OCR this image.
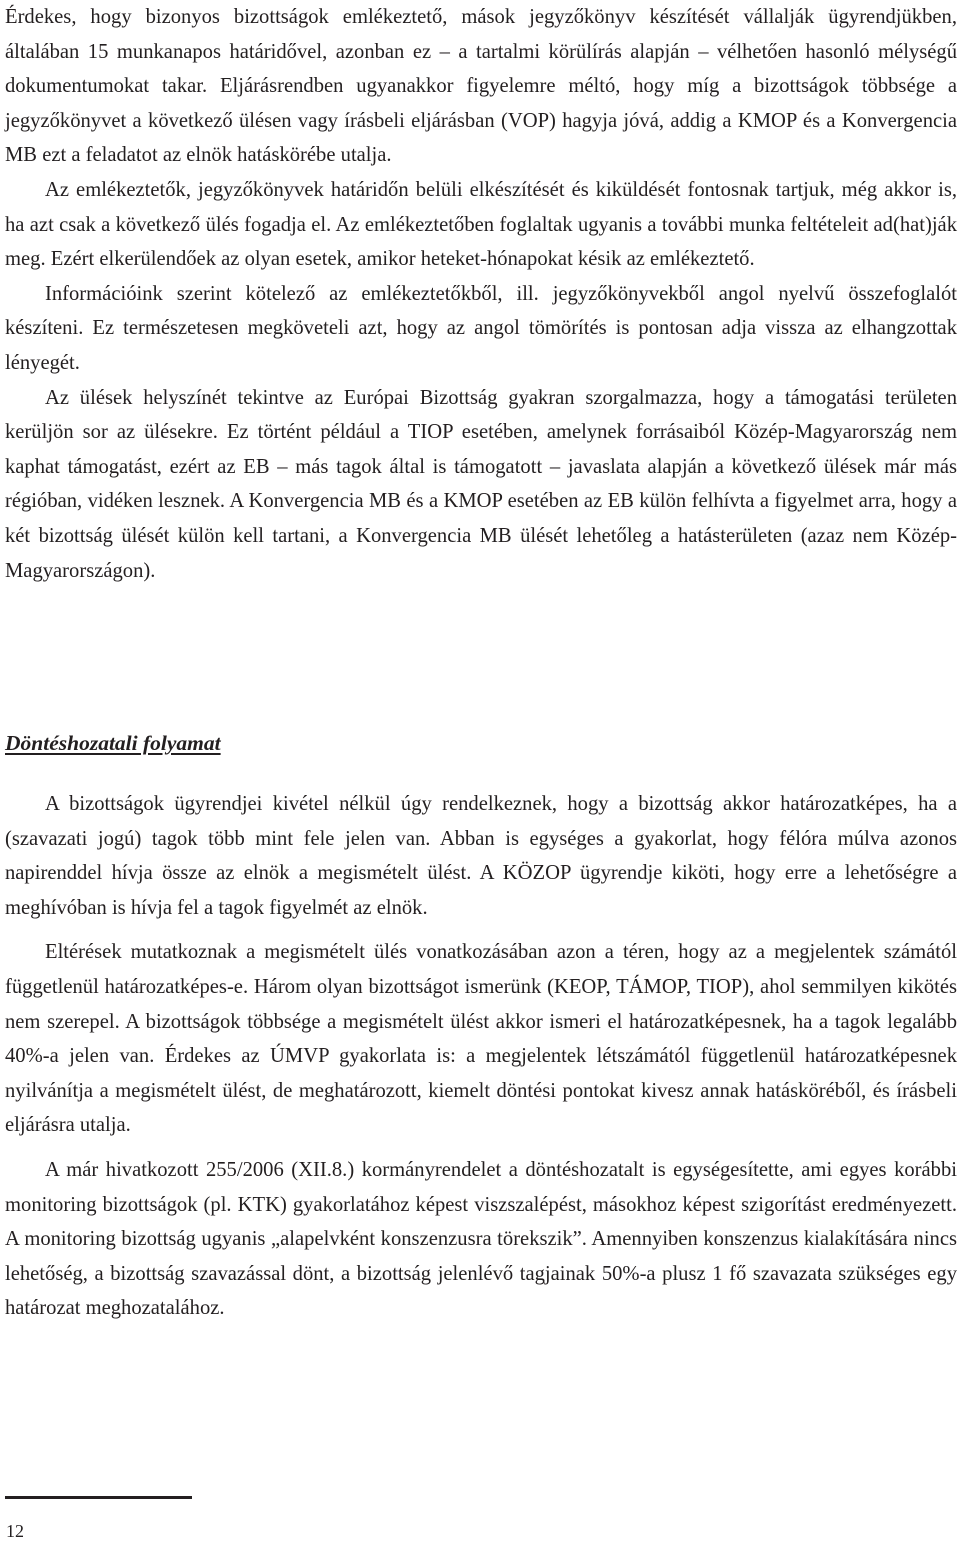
Érdekes, hogy bizonyos bizottságok emlékeztető, mások jegyzőkönyv készítését vállalják ügyrendjükben, általában 15 munkanapos határidővel, azonban ez – a tartalmi körülírás alapján – vélhetően hasonló mélységű dokumentumokat takar. Eljárásrendben ugyanakkor figyelemre méltó, hogy míg a bizottságok többsége a jegyzőkönyvet a következő ülésen vagy írásbeli eljárásban (VOP) hagyja jóvá, addig a KMOP és a Konvergencia MB ezt a feladatot az elnök hatáskörébe utalja.

Az emlékeztetők, jegyzőkönyvek határidőn belüli elkészítését és kiküldését fontosnak tartjuk, még akkor is, ha azt csak a következő ülés fogadja el. Az emlékeztetőben foglaltak ugyanis a további munka feltételeit ad(hat)ják meg. Ezért elkerülendőek az olyan esetek, amikor heteket-hónapokat késik az emlékeztető.

Információink szerint kötelező az emlékeztetőkből, ill. jegyzőkönyvekből angol nyelvű összefoglalót készíteni. Ez természetesen megköveteli azt, hogy az angol tömörítés is pontosan adja vissza az elhangzottak lényegét.

Az ülések helyszínét tekintve az Európai Bizottság gyakran szorgalmazza, hogy a támogatási területen kerüljön sor az ülésekre. Ez történt például a TIOP esetében, amelynek forrásaiból Közép-Magyarország nem kaphat támogatást, ezért az EB – más tagok által is támogatott – javaslata alapján a következő ülések már más régióban, vidéken lesznek. A Konvergencia MB és a KMOP esetében az EB külön felhívta a figyelmet arra, hogy a két bizottság ülését külön kell tartani, a Konvergencia MB ülését lehetőleg a hatásterületen (azaz nem Közép-Magyarországon).

Döntéshozatali folyamat

A bizottságok ügyrendjei kivétel nélkül úgy rendelkeznek, hogy a bizottság akkor határozatképes, ha a (szavazati jogú) tagok több mint fele jelen van. Abban is egységes a gyakorlat, hogy félóra múlva azonos napirenddel hívja össze az elnök a megismételt ülést. A KÖZOP ügyrendje kiköti, hogy erre a lehetőségre a meghívóban is hívja fel a tagok figyelmét az elnök.

Eltérések mutatkoznak a megismételt ülés vonatkozásában azon a téren, hogy az a megjelentek számától függetlenül határozatképes-e. Három olyan bizottságot ismerünk (KEOP, TÁMOP, TIOP), ahol semmilyen kikötés nem szerepel. A bizottságok többsége a megismételt ülést akkor ismeri el határozatképesnek, ha a tagok legalább 40%-a jelen van. Érdekes az ÚMVP gyakorlata is: a megjelentek létszámától függetlenül határozatképesnek nyilvánítja a megismételt ülést, de meghatározott, kiemelt döntési pontokat kivesz annak hatásköréből, és írásbeli eljárásra utalja.

A már hivatkozott 255/2006 (XII.8.) kormányrendelet a döntéshozatalt is egységesítette, ami egyes korábbi monitoring bizottságok (pl. KTK) gyakorlatához képest viszszalépést, másokhoz képest szigorítást eredményezett. A monitoring bizottság ugyanis „alapelvként konszenzusra törekszik”. Amennyiben konszenzus kialakítására nincs lehetőség, a bizottság szavazással dönt, a bizottság jelenlévő tagjainak 50%-a plusz 1 fő szavazata szükséges egy határozat meghozatalához.

12
